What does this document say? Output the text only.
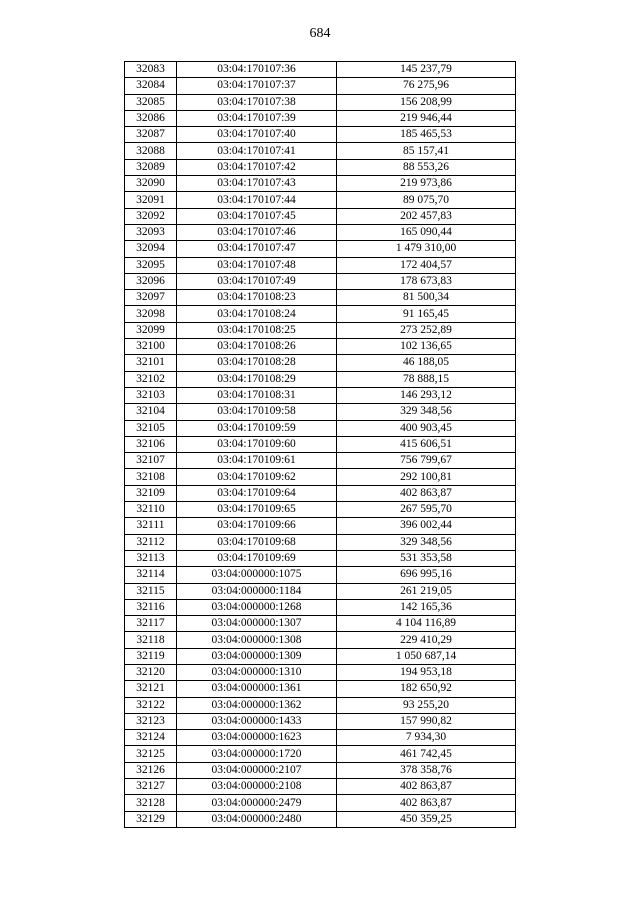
684
32083	03:04:170107:36	145 237,79
32084	03:04:170107:37	76 275,96
32085	03:04:170107:38	156 208,99
32086	03:04:170107:39	219 946,44
32087	03:04:170107:40	185 465,53
32088	03:04:170107:41	85 157,41
32089	03:04:170107:42	88 553,26
32090	03:04:170107:43	219 973,86
32091	03:04:170107:44	89 075,70
32092	03:04:170107:45	202 457,83
32093	03:04:170107:46	165 090,44
32094	03:04:170107:47	1 479 310,00
32095	03:04:170107:48	172 404,57
32096	03:04:170107:49	178 673,83
32097	03:04:170108:23	81 500,34
32098	03:04:170108:24	91 165,45
32099	03:04:170108:25	273 252,89
32100	03:04:170108:26	102 136,65
32101	03:04:170108:28	46 188,05
32102	03:04:170108:29	78 888,15
32103	03:04:170108:31	146 293,12
32104	03:04:170109:58	329 348,56
32105	03:04:170109:59	400 903,45
32106	03:04:170109:60	415 606,51
32107	03:04:170109:61	756 799,67
32108	03:04:170109:62	292 100,81
32109	03:04:170109:64	402 863,87
32110	03:04:170109:65	267 595,70
32111	03:04:170109:66	396 002,44
32112	03:04:170109:68	329 348,56
32113	03:04:170109:69	531 353,58
32114	03:04:000000:1075	696 995,16
32115	03:04:000000:1184	261 219,05
32116	03:04:000000:1268	142 165,36
32117	03:04:000000:1307	4 104 116,89
32118	03:04:000000:1308	229 410,29
32119	03:04:000000:1309	1 050 687,14
32120	03:04:000000:1310	194 953,18
32121	03:04:000000:1361	182 650,92
32122	03:04:000000:1362	93 255,20
32123	03:04:000000:1433	157 990,82
32124	03:04:000000:1623	7 934,30
32125	03:04:000000:1720	461 742,45
32126	03:04:000000:2107	378 358,76
32127	03:04:000000:2108	402 863,87
32128	03:04:000000:2479	402 863,87
32129	03:04:000000:2480	450 359,25
